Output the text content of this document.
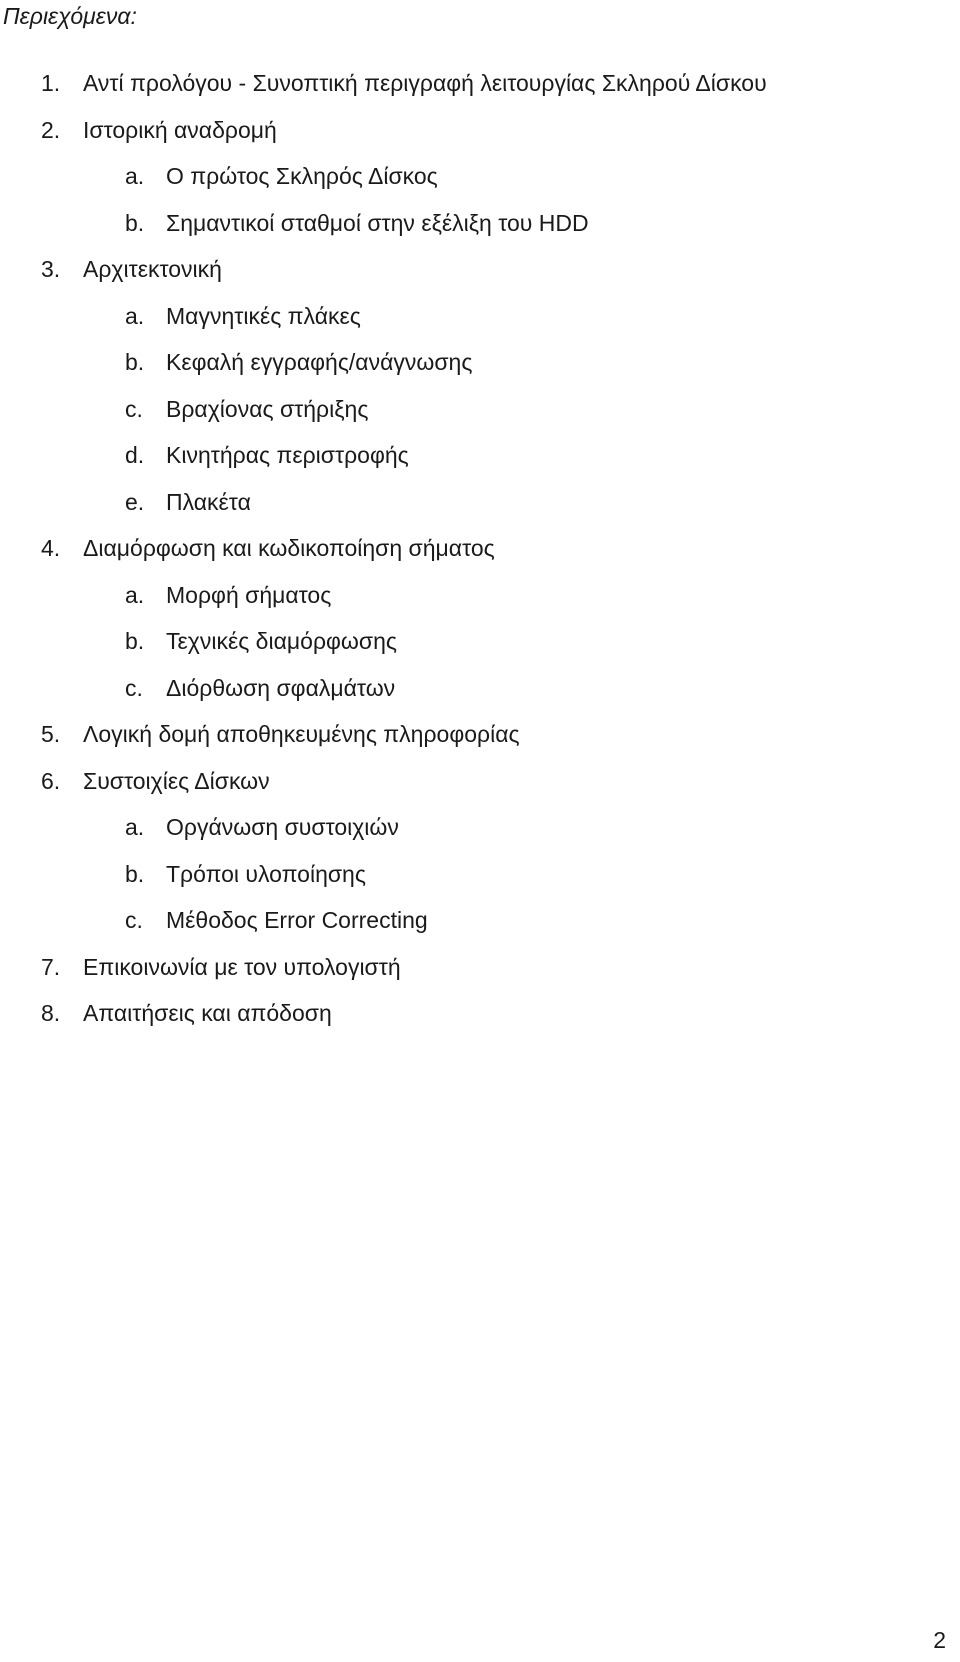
Περιεχόμενα:
1. Αντί προλόγου - Συνοπτική περιγραφή λειτουργίας Σκληρού Δίσκου
2. Ιστορική αναδρομή
a. Ο πρώτος Σκληρός Δίσκος
b. Σημαντικοί σταθμοί στην εξέλιξη του HDD
3. Αρχιτεκτονική
a. Μαγνητικές πλάκες
b. Κεφαλή εγγραφής/ανάγνωσης
c.	Βραχίονας στήριξης
d. Κινητήρας περιστροφής
e. Πλακέτα
4. Διαμόρφωση και κωδικοποίηση σήματος
a. Μορφή σήματος
b. Τεχνικές διαμόρφωσης
c.	Διόρθωση σφαλμάτων
5. Λογική δομή αποθηκευμένης πληροφορίας
6. Συστοιχίες Δίσκων
a. Οργάνωση συστοιχιών
b. Τρόποι υλοποίησης
c.	Μέθοδος Error Correcting
7. Επικοινωνία με τον υπολογιστή
8. Απαιτήσεις και απόδοση
2
